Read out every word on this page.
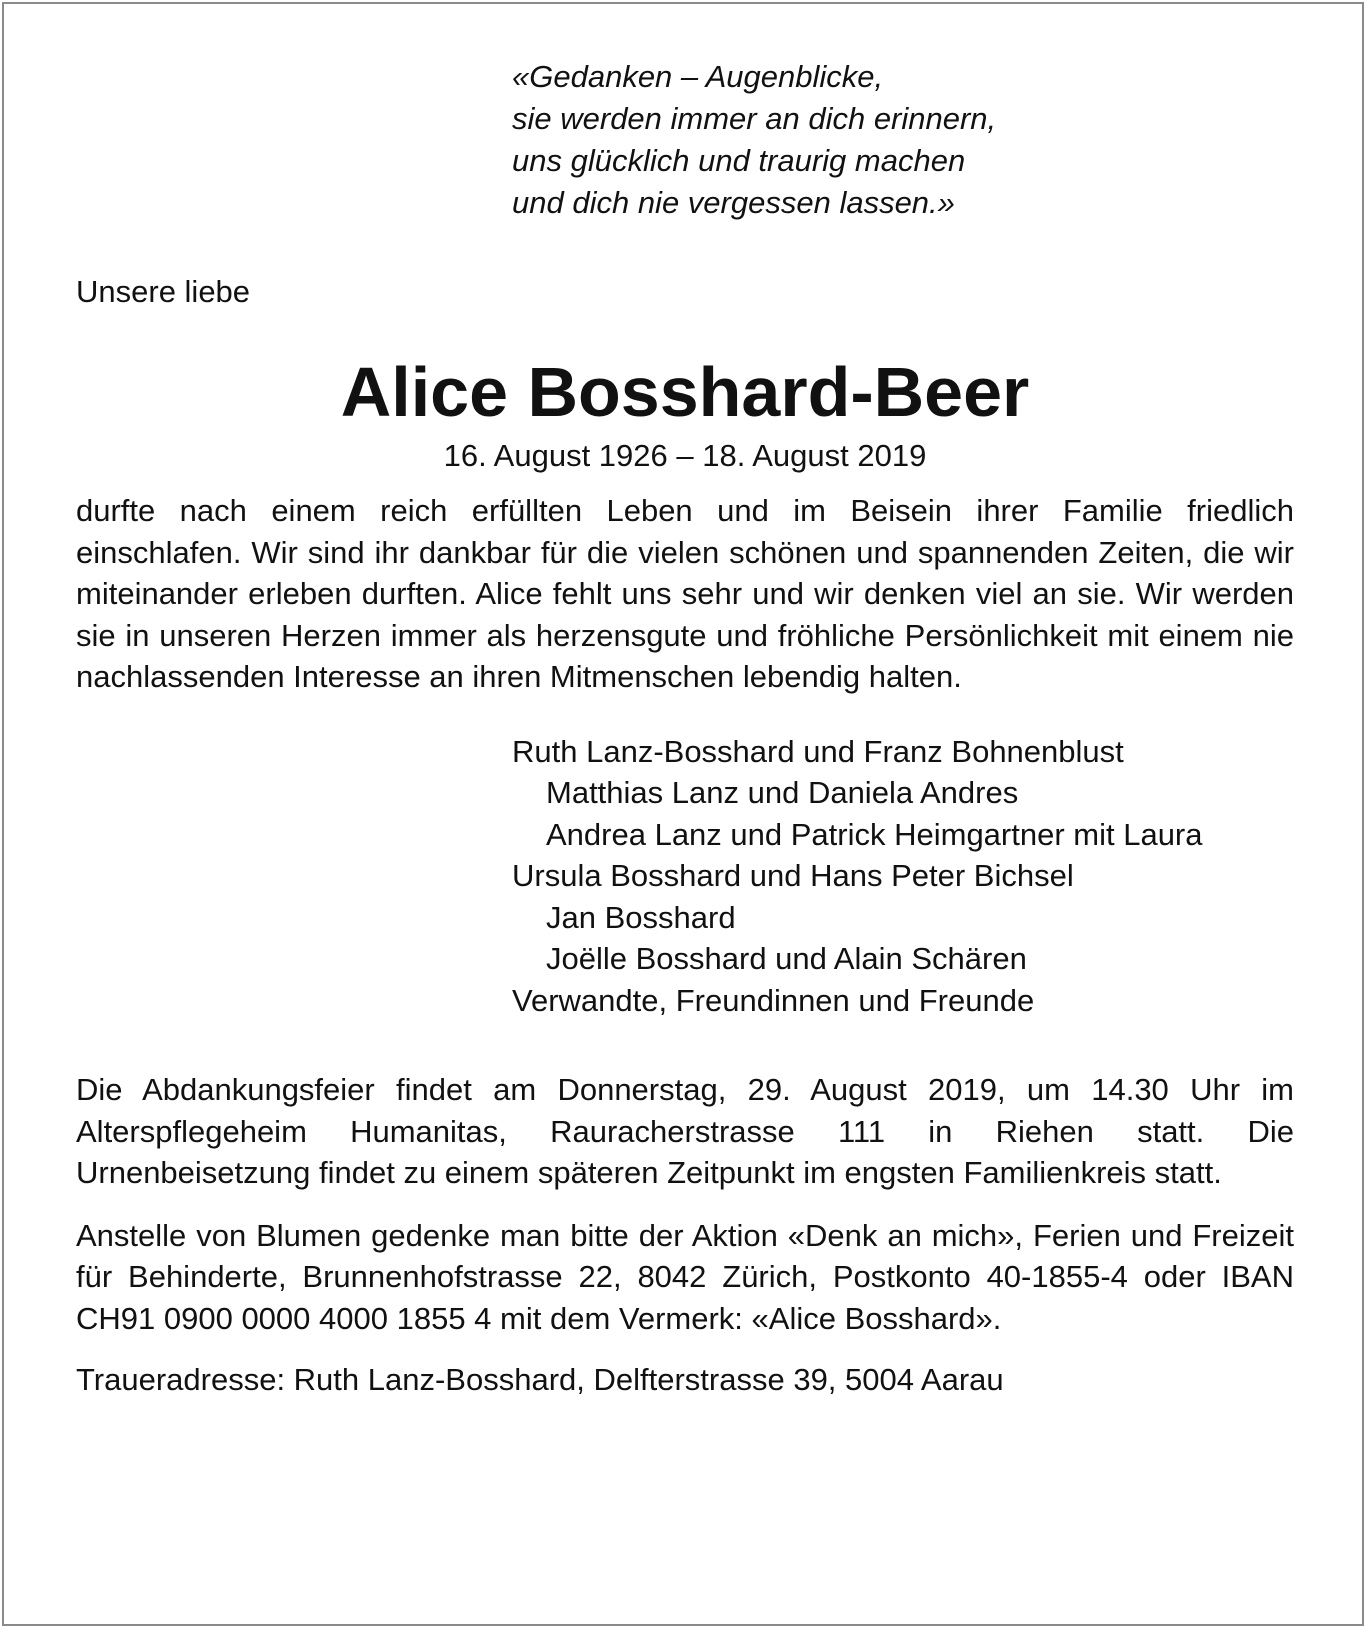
«Gedanken – Augenblicke,
sie werden immer an dich erinnern,
uns glücklich und traurig machen
und dich nie vergessen lassen.»
Unsere liebe
Alice Bosshard-Beer
16. August 1926 – 18. August 2019

durfte nach einem reich erfüllten Leben und im Beisein ihrer Familie friedlich einschlafen. Wir sind ihr dankbar für die vielen schönen und spannenden Zeiten, die wir miteinander erleben durften. Alice fehlt uns sehr und wir denken viel an sie. Wir werden sie in unseren Herzen immer als herzensgute und fröhliche Persönlichkeit mit einem nie nachlassenden Interesse an ihren Mitmenschen lebendig halten.

Ruth Lanz-Bosshard und Franz Bohnenblust
Matthias Lanz und Daniela Andres
Andrea Lanz und Patrick Heimgartner mit Laura
Ursula Bosshard und Hans Peter Bichsel
Jan Bosshard
Joëlle Bosshard und Alain Schären
Verwandte, Freundinnen und Freunde

Die Abdankungsfeier findet am Donnerstag, 29. August 2019, um 14.30 Uhr im Alterspflegeheim Humanitas, Rauracherstrasse 111 in Riehen statt. Die Urnenbeisetzung findet zu einem späteren Zeitpunkt im engsten Familienkreis statt.

Anstelle von Blumen gedenke man bitte der Aktion «Denk an mich», Ferien und Freizeit für Behinderte, Brunnenhofstrasse 22, 8042 Zürich, Postkonto 40-1855-4 oder IBAN CH91 0900 0000 4000 1855 4 mit dem Vermerk: «Alice Bosshard».

Traueradresse: Ruth Lanz-Bosshard, Delfterstrasse 39, 5004 Aarau
